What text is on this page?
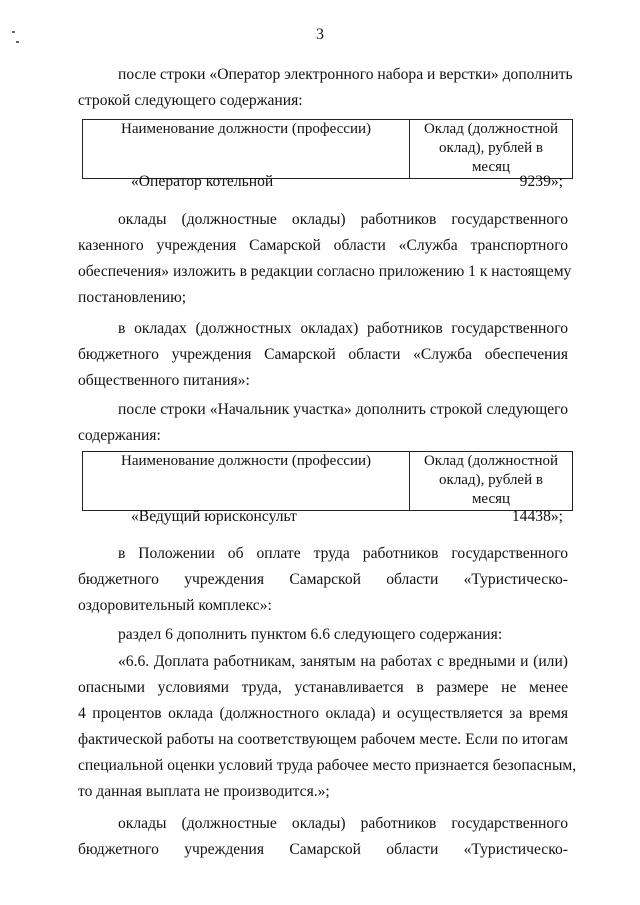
3
после строки «Оператор электронного набора и верстки» дополнить
строкой следующего содержания:
Наименование должности (профессии)	Оклад (должностной
оклад), рублей в
месяц
«Оператор котельной	9239»;
оклады (должностные оклады) работников государственного
казенного учреждения Самарской области «Служба транспортного
обеспечения» изложить в редакции согласно приложению 1 к настоящему
постановлению;
в окладах (должностных окладах) работников государственного
бюджетного учреждения Самарской области «Служба обеспечения
общественного питания»:
после строки «Начальник участка» дополнить строкой следующего
содержания:
Наименование должности (профессии)	Оклад (должностной
оклад), рублей в
месяц
«Ведущий юрисконсульт	14438»;
в Положении об оплате труда работников государственного
бюджетного учреждения Самарской области «Туристическо-
оздоровительный комплекс»:
раздел 6 дополнить пунктом 6.6 следующего содержания:
«6.6. Доплата работникам, занятым на работах с вредными и (или)
опасными условиями труда, устанавливается в размере не менее
4 процентов оклада (должностного оклада) и осуществляется за время
фактической работы на соответствующем рабочем месте. Если по итогам
специальной оценки условий труда рабочее место признается безопасным,
то данная выплата не производится.»;
оклады (должностные оклады) работников государственного
бюджетного учреждения Самарской области «Туристическо-
